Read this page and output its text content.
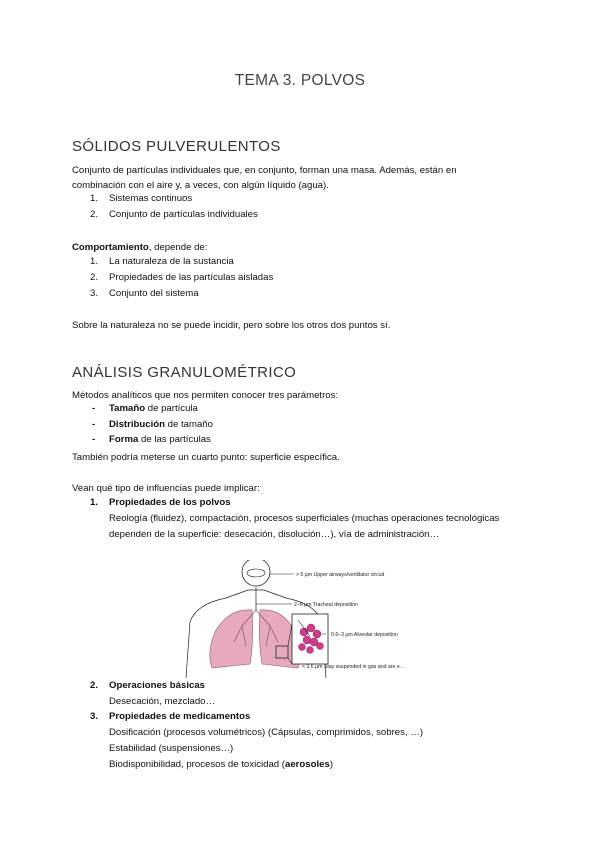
TEMA 3. POLVOS
SÓLIDOS PULVERULENTOS
Conjunto de partículas individuales que, en conjunto, forman una masa. Además, están en
combinación con el aire y, a veces, con algún líquido (agua).
1. Sistemas continuos
2. Conjunto de partículas individuales
Comportamiento, depende de:
1. La naturaleza de la sustancia
2. Propiedades de las partículas aisladas
3. Conjunto del sistema
Sobre la naturaleza no se puede incidir, pero sobre los otros dos puntos sí.
ANÁLISIS GRANULOMÉTRICO
Métodos analíticos que nos permiten conocer tres parámetros:
- Tamaño de partícula
- Distribución de tamaño
- Forma de las partículas
También podría meterse un cuarto punto: superficie específica.
Vean qué tipo de influencias puede implicar:
1. Propiedades de los polvos
Reología (fluidez), compactación, procesos superficiales (muchas operaciones tecnológicas
dependen de la superficie: desecación, disolución…), vía de administración…
> 5 µm Upper airways/ventilator circuit
2–6 µm Tracheal deposition
0.6–3 µm Alveolar deposition
< 0.6 µm Stay suspended in gas and are e…
2. Operaciones básicas
Desecación, mezclado…
3. Propiedades de medicamentos
Dosificación (procesos volumétricos) (Cápsulas, comprimidos, sobres, …)
Estabilidad (suspensiones…)
Biodisponibilidad, procesos de toxicidad (aerosoles)
